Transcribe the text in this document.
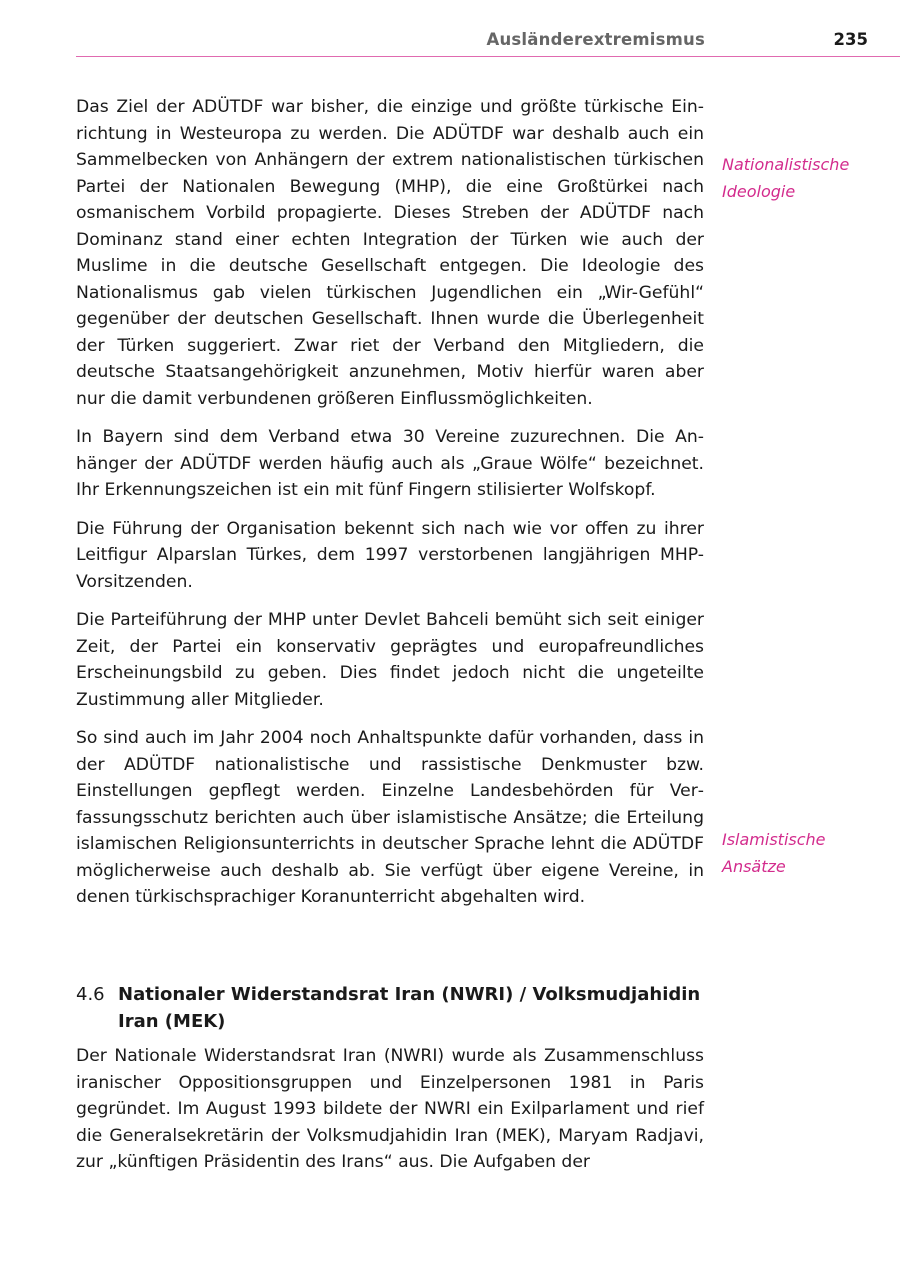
Ausländerextremismus	235

Das Ziel der ADÜTDF war bisher, die einzige und größte türkische Einrichtung in Westeuropa zu werden. Die ADÜTDF war deshalb auch ein Sammelbecken von Anhängern der extrem nationalistischen türkischen Partei der Nationalen Bewegung (MHP), die eine Großtürkei nach osmanischem Vorbild propagierte. Dieses Streben der ADÜTDF nach Dominanz stand einer echten Integration der Türken wie auch der Muslime in die deutsche Gesellschaft entgegen. Die Ideologie des Nationalismus gab vielen türkischen Jugendlichen ein „Wir-Gefühl“ gegenüber der deutschen Gesellschaft. Ihnen wurde die Überlegenheit der Türken suggeriert. Zwar riet der Verband den Mitgliedern, die deutsche Staatsangehörigkeit anzunehmen, Motiv hierfür waren aber nur die damit verbundenen größeren Einflussmöglichkeiten.

In Bayern sind dem Verband etwa 30 Vereine zuzurechnen. Die Anhänger der ADÜTDF werden häufig auch als „Graue Wölfe“ bezeichnet. Ihr Erkennungszeichen ist ein mit fünf Fingern stilisierter Wolfskopf.

Die Führung der Organisation bekennt sich nach wie vor offen zu ihrer Leitfigur Alparslan Türkes, dem 1997 verstorbenen langjährigen MHP-Vorsitzenden.

Die Parteiführung der MHP unter Devlet Bahceli bemüht sich seit einiger Zeit, der Partei ein konservativ geprägtes und europafreundliches Erscheinungsbild zu geben. Dies findet jedoch nicht die ungeteilte Zustimmung aller Mitglieder.

So sind auch im Jahr 2004 noch Anhaltspunkte dafür vorhanden, dass in der ADÜTDF nationalistische und rassistische Denkmuster bzw. Einstellungen gepflegt werden. Einzelne Landesbehörden für Verfassungsschutz berichten auch über islamistische Ansätze; die Erteilung islamischen Religionsunterrichts in deutscher Sprache lehnt die ADÜTDF möglicherweise auch deshalb ab. Sie verfügt über eigene Vereine, in denen türkischsprachiger Koranunterricht abgehalten wird.

Nationalistische Ideologie
Islamistische Ansätze
4.6 Nationaler Widerstandsrat Iran (NWRI) / Volksmudjahidin Iran (MEK)

Der Nationale Widerstandsrat Iran (NWRI) wurde als Zusammenschluss iranischer Oppositionsgruppen und Einzelpersonen 1981 in Paris gegründet. Im August 1993 bildete der NWRI ein Exilparlament und rief die Generalsekretärin der Volksmudjahidin Iran (MEK), Maryam Radjavi, zur „künftigen Präsidentin des Irans“ aus. Die Aufgaben der
